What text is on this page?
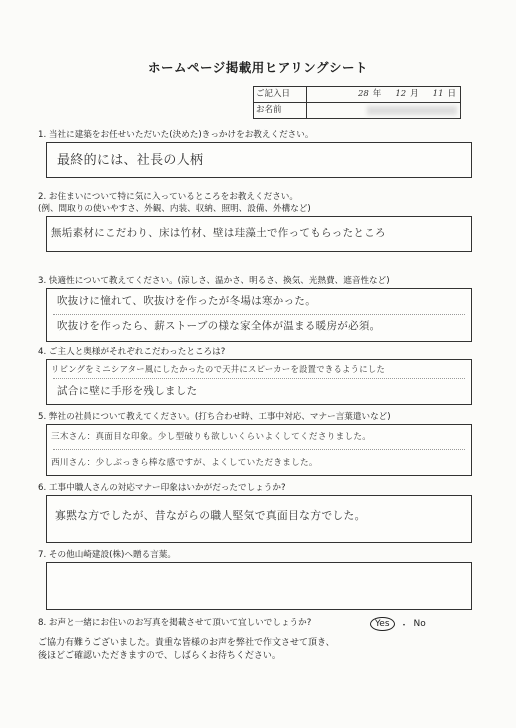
ホームページ掲載用ヒアリングシート
ご記入日	28 年 12 月 11 日
お名前
1. 当社に建築をお任せいただいた(決めた)きっかけをお教えください。
最終的には、社長の人柄
2. お住まいについて特に気に入っているところをお教えください。
(例、間取りの使いやすさ、外観、内装、収納、照明、設備、外構など)
無垢素材にこだわり、床は竹材、壁は珪藻土で作ってもらったところ
3. 快適性について教えてください。(涼しさ、温かさ、明るさ、換気、光熱費、遮音性など)
吹抜けに憧れて、吹抜けを作ったが冬場は寒かった。
吹抜けを作ったら、薪ストーブの様な家全体が温まる暖房が必須。
4. ご主人と奥様がそれぞれこだわったところは?
リビングをミニシアター風にしたかったので天井にスピーカーを設置できるようにした
試合に壁に手形を残しました
5. 弊社の社員について教えてください。(打ち合わせ時、工事中対応、マナー言葉遣いなど)
三木さん：真面目な印象。少し型破りも欲しいくらいよくしてくださりました。
西川さん：少しぶっきら棒な感ですが、よくしていただきました。
6. 工事中職人さんの対応マナー印象はいかがだったでしょうか?
寡黙な方でしたが、昔ながらの職人堅気で真面目な方でした。
7. その他山崎建設(株)へ贈る言葉。
8. お声と一緒にお住いのお写真を掲載させて頂いて宜しいでしょうか?	Yes	・ No
ご協力有難うございました。貴重な皆様のお声を弊社で作文させて頂き、
後ほどご確認いただきますので、しばらくお待ちください。
